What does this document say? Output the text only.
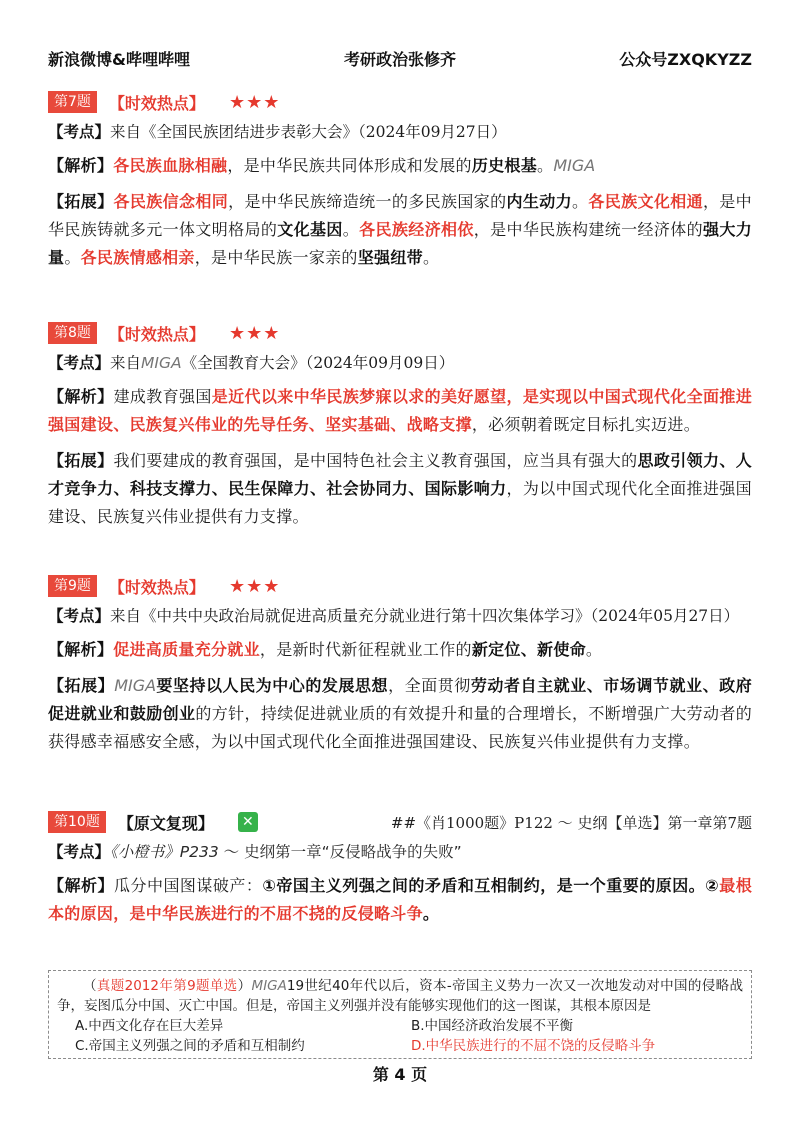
新浪微博&哔哩哔哩	考研政治张修齐	公众号ZXQKYZZ
第7题	【时效热点】 ★★★
【考点】来自《全国民族团结进步表彰大会》（2024年09月27日）
【解析】各民族血脉相融，是中华民族共同体形成和发展的历史根基。MIGA
【拓展】各民族信念相同，是中华民族缔造统一的多民族国家的内生动力。各民族文化相通，是中华民族铸就多元一体文明格局的文化基因。各民族经济相依，是中华民族构建统一经济体的强大力量。各民族情感相亲，是中华民族一家亲的坚强纽带。
第8题	【时效热点】 ★★★
【考点】来自MIGA《全国教育大会》（2024年09月09日）
【解析】建成教育强国是近代以来中华民族梦寐以求的美好愿望，是实现以中国式现代化全面推进强国建设、民族复兴伟业的先导任务、坚实基础、战略支撑，必须朝着既定目标扎实迈进。
【拓展】我们要建成的教育强国，是中国特色社会主义教育强国，应当具有强大的思政引领力、人才竞争力、科技支撑力、民生保障力、社会协同力、国际影响力，为以中国式现代化全面推进强国建设、民族复兴伟业提供有力支撑。
第9题	【时效热点】 ★★★
【考点】来自《中共中央政治局就促进高质量充分就业进行第十四次集体学习》（2024年05月27日）
【解析】促进高质量充分就业，是新时代新征程就业工作的新定位、新使命。
【拓展】MIGA要坚持以人民为中心的发展思想，全面贯彻劳动者自主就业、市场调节就业、政府促进就业和鼓励创业的方针，持续促进就业质的有效提升和量的合理增长，不断增强广大劳动者的获得感幸福感安全感，为以中国式现代化全面推进强国建设、民族复兴伟业提供有力支撑。
第10题	【原文复现】 ✕	##《肖1000题》P122 ～ 史纲【单选】第一章第7题
【考点】《小橙书》P233 ～ 史纲第一章“反侵略战争的失败”
【解析】瓜分中国图谋破产：①帝国主义列强之间的矛盾和互相制约，是一个重要的原因。②最根本的原因，是中华民族进行的不屈不挠的反侵略斗争。
（真题2012年第9题单选）MIGA19世纪40年代以后，资本-帝国主义势力一次又一次地发动对中国的侵略战争，妄图瓜分中国、灭亡中国。但是，帝国主义列强并没有能够实现他们的这一图谋，其根本原因是
A.中西文化存在巨大差异	B.中国经济政治发展不平衡
C.帝国主义列强之间的矛盾和互相制约	D.中华民族进行的不屈不饶的反侵略斗争
第 4 页
